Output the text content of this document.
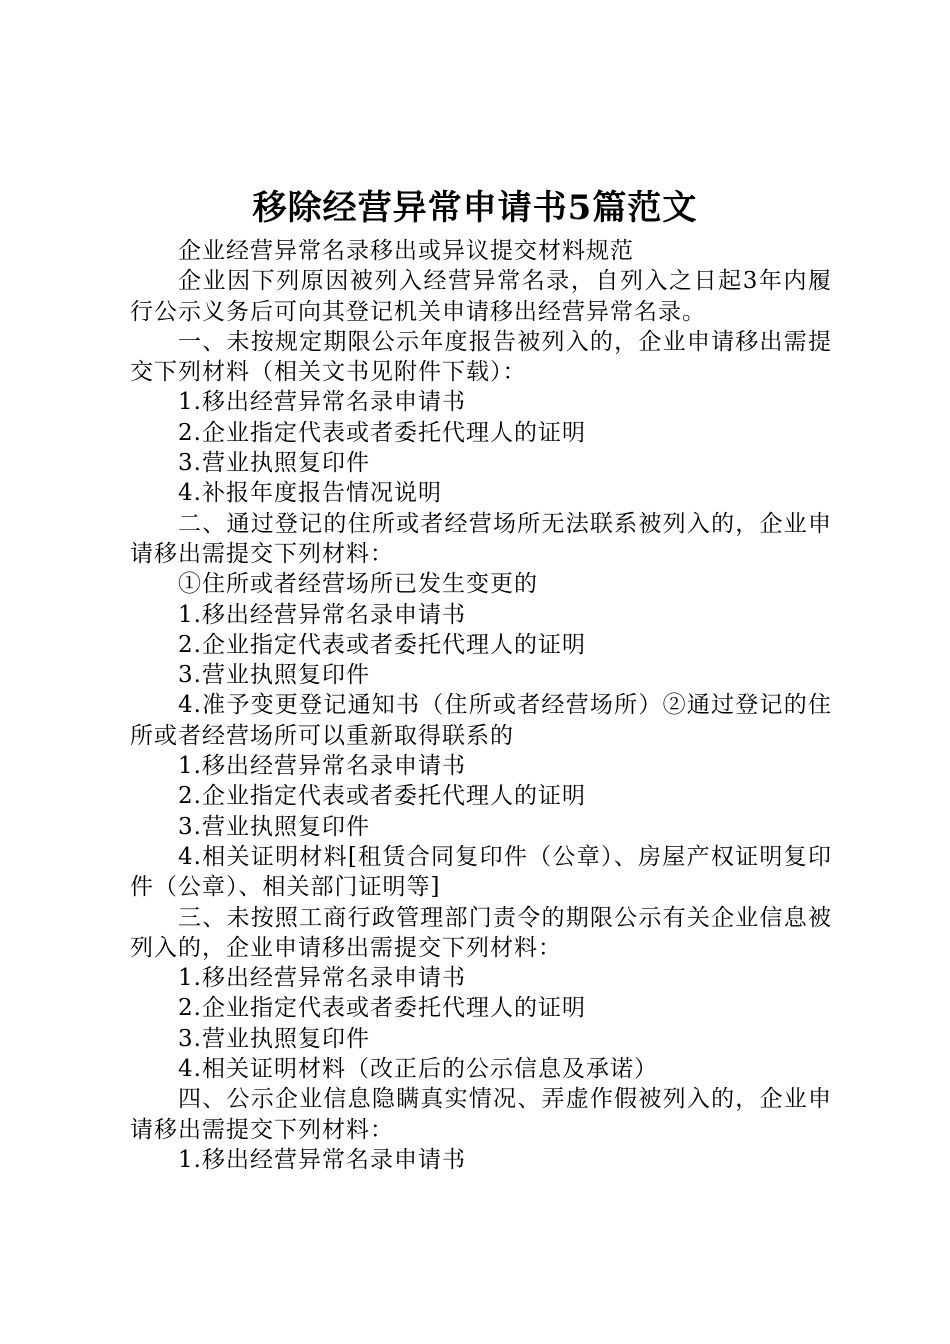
移除经营异常申请书5篇范文

企业经营异常名录移出或异议提交材料规范

企业因下列原因被列入经营异常名录，自列入之日起3年内履行公示义务后可向其登记机关申请移出经营异常名录。

一、未按规定期限公示年度报告被列入的，企业申请移出需提交下列材料（相关文书见附件下载）：

1.移出经营异常名录申请书

2.企业指定代表或者委托代理人的证明

3.营业执照复印件

4.补报年度报告情况说明

二、通过登记的住所或者经营场所无法联系被列入的，企业申请移出需提交下列材料：

①住所或者经营场所已发生变更的

1.移出经营异常名录申请书

2.企业指定代表或者委托代理人的证明

3.营业执照复印件

4.准予变更登记通知书（住所或者经营场所）②通过登记的住所或者经营场所可以重新取得联系的

1.移出经营异常名录申请书

2.企业指定代表或者委托代理人的证明

3.营业执照复印件

4.相关证明材料[租赁合同复印件（公章）、房屋产权证明复印件（公章）、相关部门证明等]

三、未按照工商行政管理部门责令的期限公示有关企业信息被列入的，企业申请移出需提交下列材料：

1.移出经营异常名录申请书

2.企业指定代表或者委托代理人的证明

3.营业执照复印件

4.相关证明材料（改正后的公示信息及承诺）

四、公示企业信息隐瞒真实情况、弄虚作假被列入的，企业申请移出需提交下列材料：

1.移出经营异常名录申请书
